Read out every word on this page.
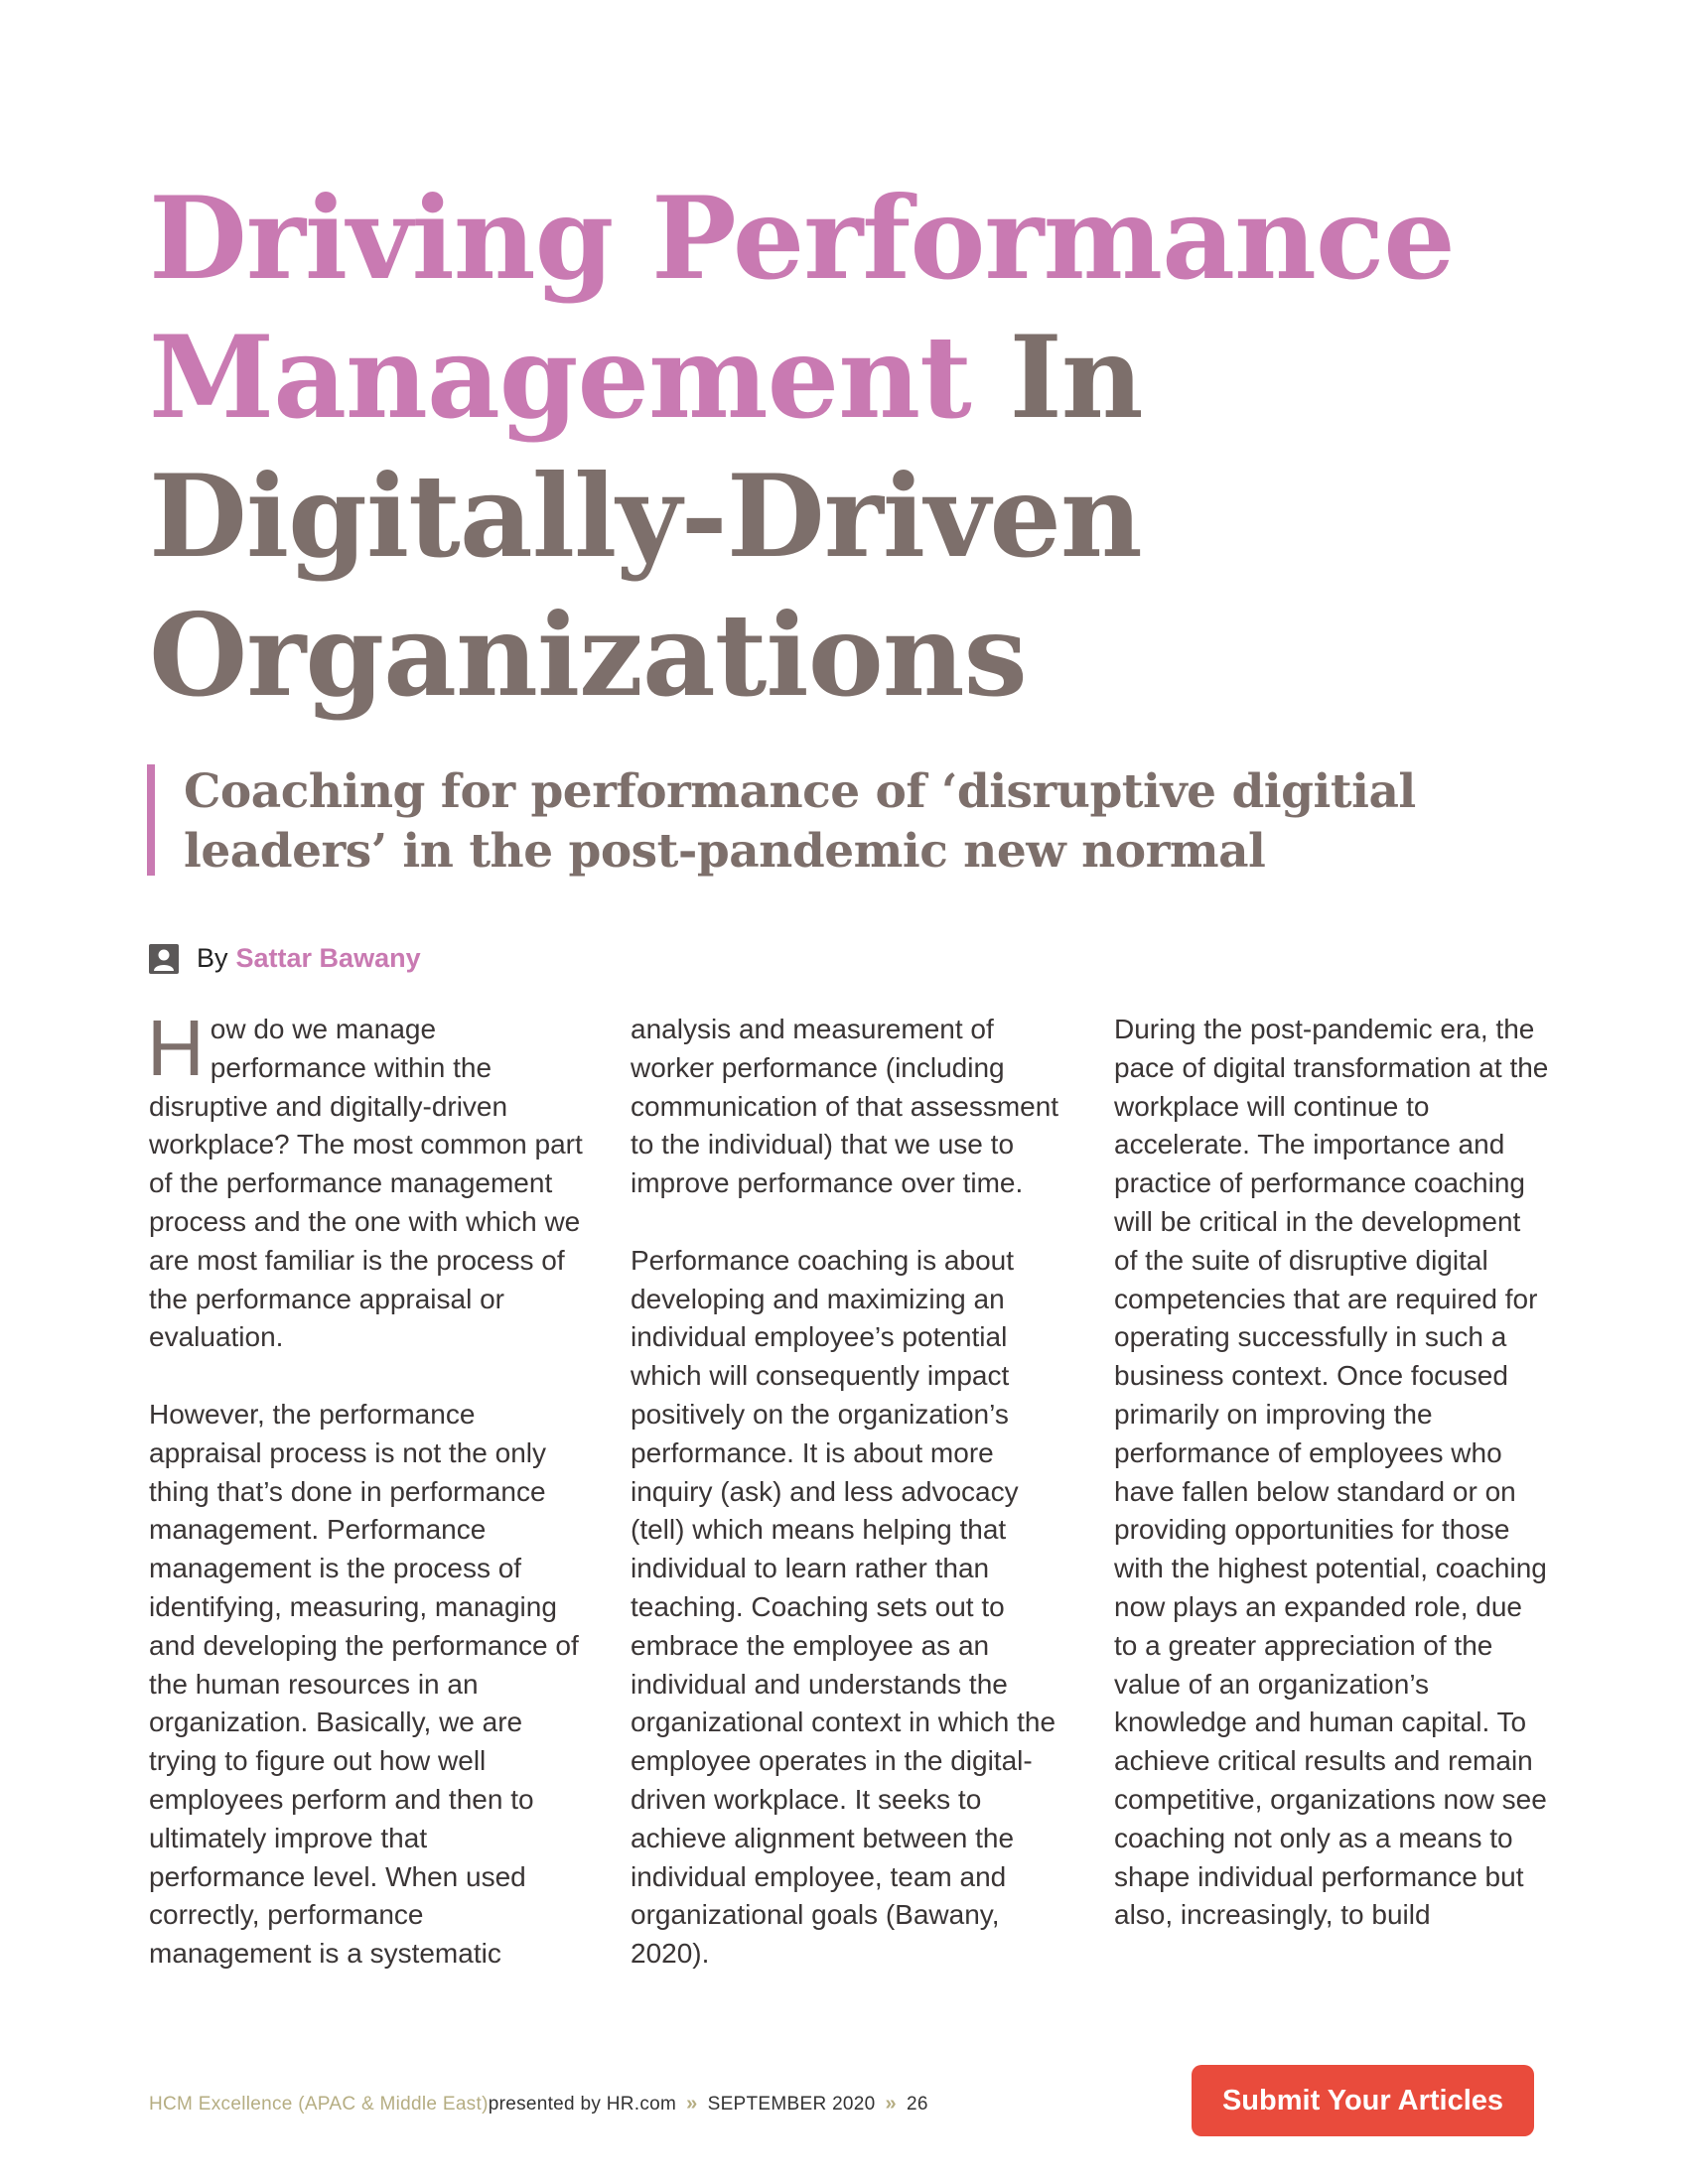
Driving Performance Management In Digitally-Driven Organizations
Coaching for performance of ‘disruptive digitial leaders’ in the post-pandemic new normal
By Sattar Bawany

How do we manage performance within the disruptive and digitally-driven workplace? The most common part of the performance management process and the one with which we are most familiar is the process of the performance appraisal or evaluation.

However, the performance appraisal process is not the only thing that’s done in performance management. Performance management is the process of identifying, measuring, managing and developing the performance of the human resources in an organization. Basically, we are trying to figure out how well employees perform and then to ultimately improve that performance level. When used correctly, performance management is a systematic

analysis and measurement of worker performance (including communication of that assessment to the individual) that we use to improve performance over time.

Performance coaching is about developing and maximizing an individual employee’s potential which will consequently impact positively on the organization’s performance. It is about more inquiry (ask) and less advocacy (tell) which means helping that individual to learn rather than teaching. Coaching sets out to embrace the employee as an individual and understands the organizational context in which the employee operates in the digital-driven workplace. It seeks to achieve alignment between the individual employee, team and organizational goals (Bawany, 2020).

During the post-pandemic era, the pace of digital transformation at the workplace will continue to accelerate. The importance and practice of performance coaching will be critical in the development of the suite of disruptive digital competencies that are required for operating successfully in such a business context. Once focused primarily on improving the performance of employees who have fallen below standard or on providing opportunities for those with the highest potential, coaching now plays an expanded role, due to a greater appreciation of the value of an organization’s knowledge and human capital. To achieve critical results and remain competitive, organizations now see coaching not only as a means to shape individual performance but also, increasingly, to build

HCM Excellence (APAC & Middle East) presented by HR.com » SEPTEMBER 2020 » 26	Submit Your Articles
